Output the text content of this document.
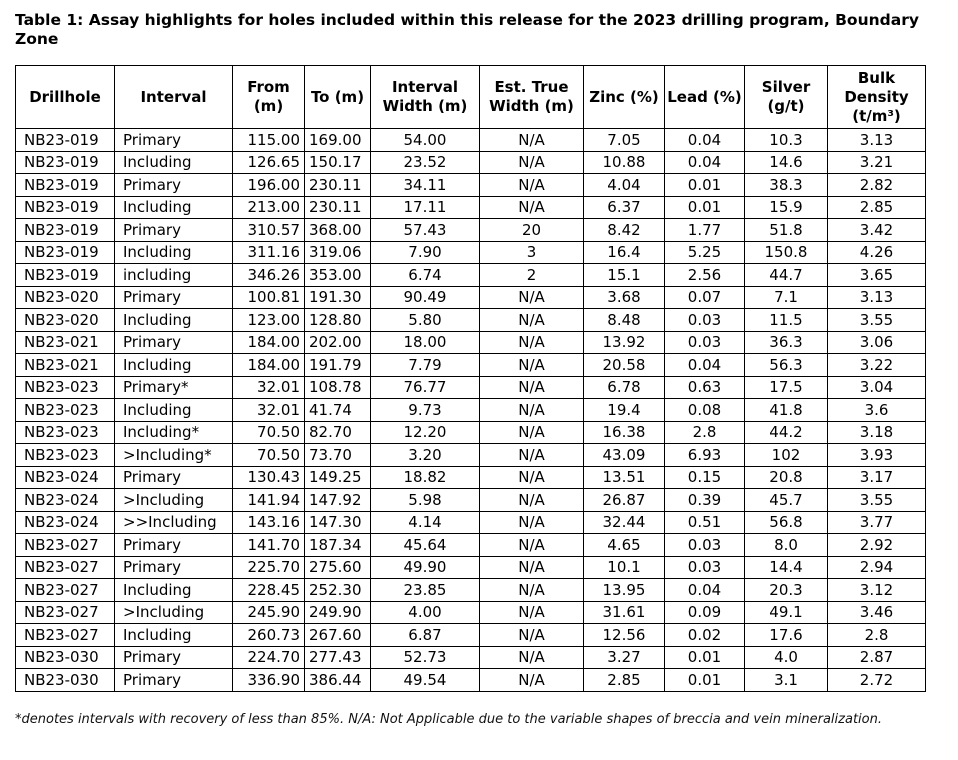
Table 1: Assay highlights for holes included within this release for the 2023 drilling program, Boundary Zone
Drillhole	Interval	From (m)	To (m)	Interval Width (m)	Est. True Width (m)	Zinc (%)	Lead (%)	Silver (g/t)	Bulk Density (t/m³)
NB23-019	Primary	115.00	169.00	54.00	N/A	7.05	0.04	10.3	3.13
NB23-019	Including	126.65	150.17	23.52	N/A	10.88	0.04	14.6	3.21
NB23-019	Primary	196.00	230.11	34.11	N/A	4.04	0.01	38.3	2.82
NB23-019	Including	213.00	230.11	17.11	N/A	6.37	0.01	15.9	2.85
NB23-019	Primary	310.57	368.00	57.43	20	8.42	1.77	51.8	3.42
NB23-019	Including	311.16	319.06	7.90	3	16.4	5.25	150.8	4.26
NB23-019	including	346.26	353.00	6.74	2	15.1	2.56	44.7	3.65
NB23-020	Primary	100.81	191.30	90.49	N/A	3.68	0.07	7.1	3.13
NB23-020	Including	123.00	128.80	5.80	N/A	8.48	0.03	11.5	3.55
NB23-021	Primary	184.00	202.00	18.00	N/A	13.92	0.03	36.3	3.06
NB23-021	Including	184.00	191.79	7.79	N/A	20.58	0.04	56.3	3.22
NB23-023	Primary*	32.01	108.78	76.77	N/A	6.78	0.63	17.5	3.04
NB23-023	Including	32.01	41.74	9.73	N/A	19.4	0.08	41.8	3.6
NB23-023	Including*	70.50	82.70	12.20	N/A	16.38	2.8	44.2	3.18
NB23-023	>Including*	70.50	73.70	3.20	N/A	43.09	6.93	102	3.93
NB23-024	Primary	130.43	149.25	18.82	N/A	13.51	0.15	20.8	3.17
NB23-024	>Including	141.94	147.92	5.98	N/A	26.87	0.39	45.7	3.55
NB23-024	>>Including	143.16	147.30	4.14	N/A	32.44	0.51	56.8	3.77
NB23-027	Primary	141.70	187.34	45.64	N/A	4.65	0.03	8.0	2.92
NB23-027	Primary	225.70	275.60	49.90	N/A	10.1	0.03	14.4	2.94
NB23-027	Including	228.45	252.30	23.85	N/A	13.95	0.04	20.3	3.12
NB23-027	>Including	245.90	249.90	4.00	N/A	31.61	0.09	49.1	3.46
NB23-027	Including	260.73	267.60	6.87	N/A	12.56	0.02	17.6	2.8
NB23-030	Primary	224.70	277.43	52.73	N/A	3.27	0.01	4.0	2.87
NB23-030	Primary	336.90	386.44	49.54	N/A	2.85	0.01	3.1	2.72
*denotes intervals with recovery of less than 85%. N/A: Not Applicable due to the variable shapes of breccia and vein mineralization.
